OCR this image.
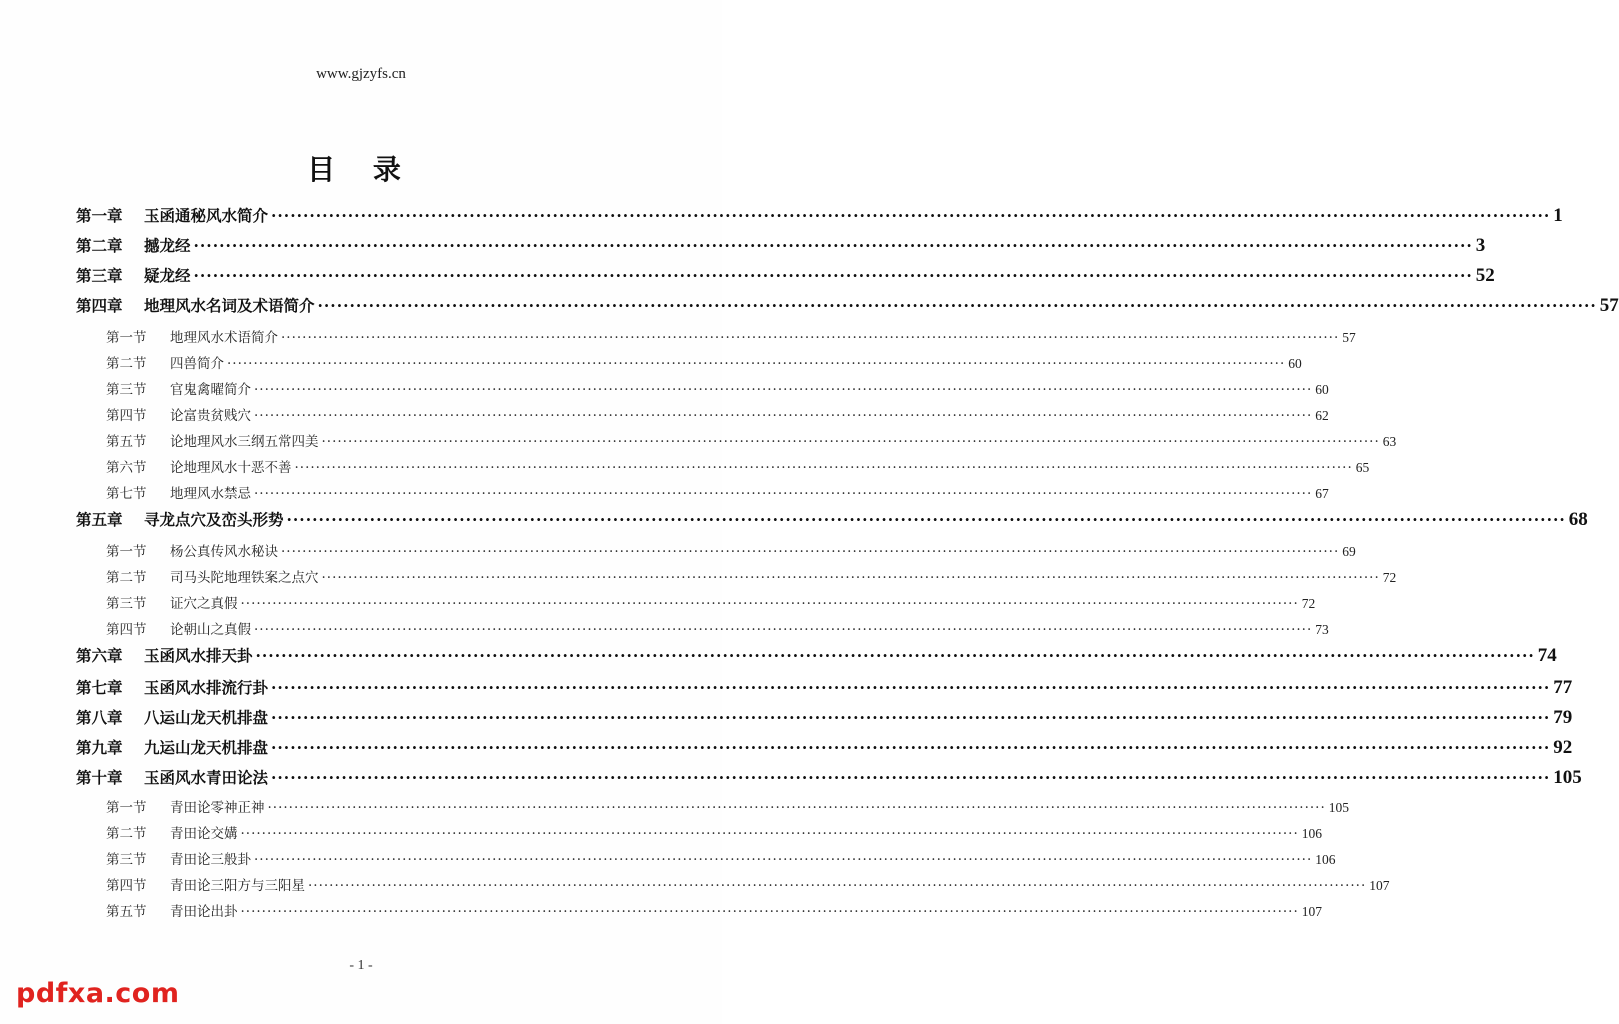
www.gjzyfs.cn
目 录
第一章	玉函通秘风水简介 ········································································································································································································ 1
第二章	撼龙经 ········································································································································································································ 3
第三章	疑龙经 ········································································································································································································ 52
第四章	地理风水名词及术语简介 ········································································································································································································ 57
第一节	地理风水术语简介 ········································································································································································································ 57
第二节	四兽简介 ········································································································································································································ 60
第三节	官鬼禽曜简介 ········································································································································································································ 60
第四节	论富贵贫贱穴 ········································································································································································································ 62
第五节	论地理风水三纲五常四美 ········································································································································································································ 63
第六节	论地理风水十恶不善 ········································································································································································································ 65
第七节	地理风水禁忌 ········································································································································································································ 67
第五章	寻龙点穴及峦头形势 ········································································································································································································ 68
第一节	杨公真传风水秘诀 ········································································································································································································ 69
第二节	司马头陀地理铁案之点穴 ········································································································································································································ 72
第三节	证穴之真假 ········································································································································································································ 72
第四节	论朝山之真假 ········································································································································································································ 73
第六章	玉函风水排天卦 ········································································································································································································ 74
第七章	玉函风水排流行卦 ········································································································································································································ 77
第八章	八运山龙天机排盘 ········································································································································································································ 79
第九章	九运山龙天机排盘 ········································································································································································································ 92
第十章	玉函风水青田论法 ········································································································································································································ 105
第一节	青田论零神正神 ········································································································································································································ 105
第二节	青田论交媾 ········································································································································································································ 106
第三节	青田论三般卦 ········································································································································································································ 106
第四节	青田论三阳方与三阳星 ········································································································································································································ 107
第五节	青田论出卦 ········································································································································································································ 107
- 1 -
pdfxa.com
